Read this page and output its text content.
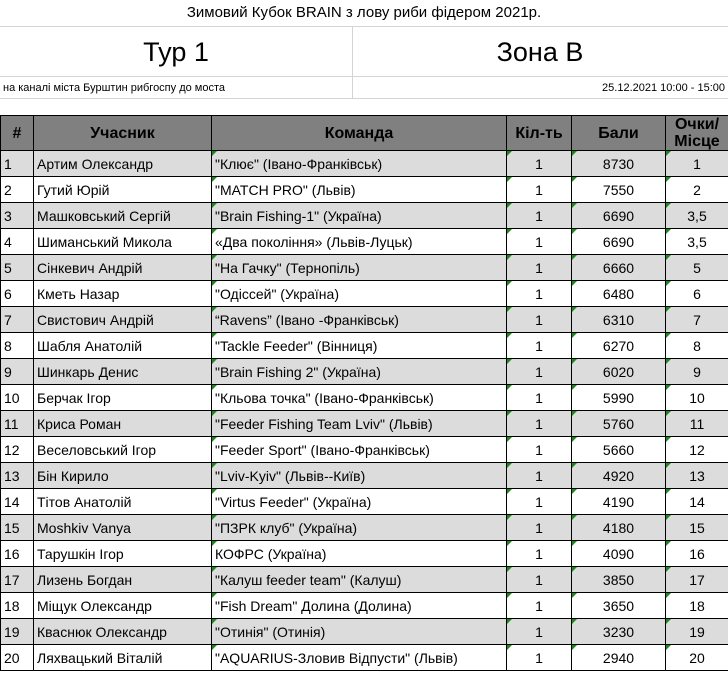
Зимовий Кубок BRAIN з лову риби фідером 2021р.
Тур 1	Зона В
на каналі міста Бурштин рибгоспу до моста	25.12.2021 10:00 - 15:00
#	Учасник	Команда	Кіл-ть	Бали	Очки/ Місце
1	Артим Олександр	"Клює" (Івано-Франківськ)	1	8730	1
2	Гутий Юрій	"MATCH PRO" (Львів)	1	7550	2
3	Машковський Сергій	"Brain Fishing-1" (Україна)	1	6690	3,5
4	Шиманський Микола	«Два покоління» (Львів-Луцьк)	1	6690	3,5
5	Сінкевич Андрій	"На Гачку" (Тернопіль)	1	6660	5
6	Кметь Назар	"Одіссей" (Україна)	1	6480	6
7	Свистович Андрій	“Ravens” (Івано -Франківськ)	1	6310	7
8	Шабля Анатолій	"Tackle Feeder" (Вінниця)	1	6270	8
9	Шинкарь Денис	"Brain Fishing 2" (Україна)	1	6020	9
10	Берчак Ігор	"Кльова точка" (Івано-Франківськ)	1	5990	10
11	Криса Роман	"Feeder Fishing Team Lviv" (Львів)	1	5760	11
12	Веселовський Ігор	"Feeder Sport" (Івано-Франківськ)	1	5660	12
13	Бін Кирило	"Lviv-Kyiv" (Львів--Київ)	1	4920	13
14	Тітов Анатолій	"Virtus Feeder" (Україна)	1	4190	14
15	Moshkiv Vanya	"ПЗРК клуб" (Україна)	1	4180	15
16	Тарушкін Ігор	КОФРС (Україна)	1	4090	16
17	Лизень Богдан	"Калуш feeder team" (Калуш)	1	3850	17
18	Міщук Олександр	"Fish Dream" Долина (Долина)	1	3650	18
19	Кваснюк Олександр	"Отинія" (Отинія)	1	3230	19
20	Ляхвацький Віталій	"AQUARIUS-Зловив Відпусти" (Львів)	1	2940	20
